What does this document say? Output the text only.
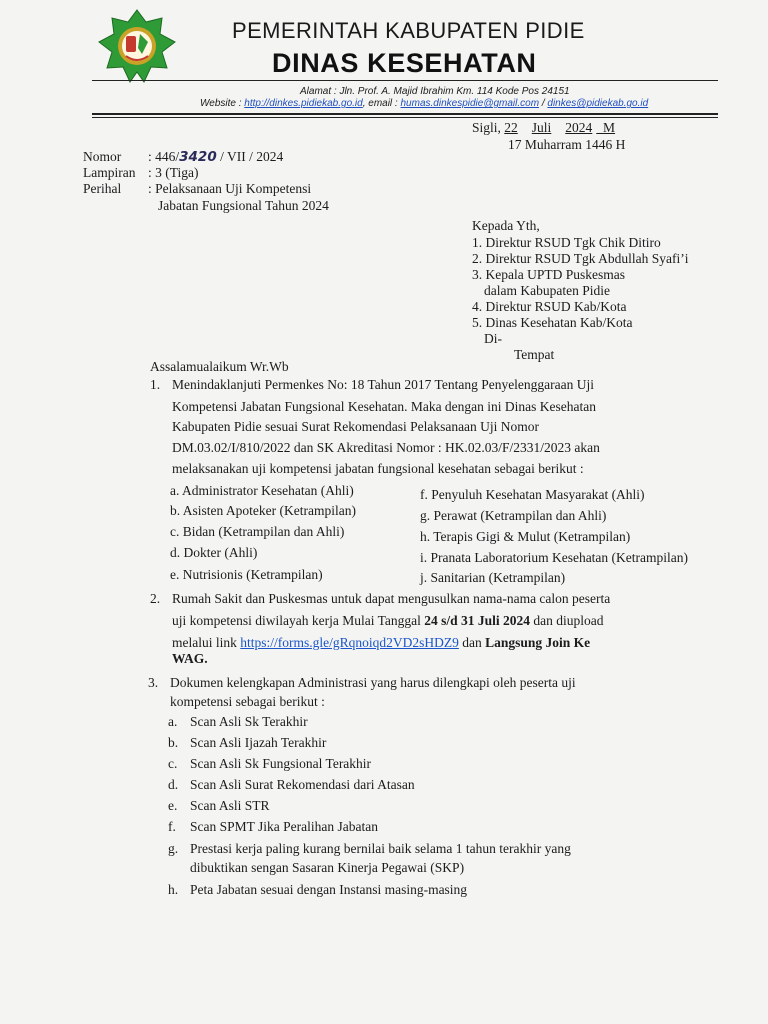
PEMERINTAH KABUPATEN PIDIE
DINAS KESEHATAN
Alamat : Jln. Prof. A. Majid Ibrahim Km. 114 Kode Pos 24151
Website : http://dinkes.pidiekab.go.id, email : humas.dinkespidie@gmail.com / dinkes@pidiekab.go.id
Sigli, 22 Juli 2024 M
17 Muharram 1446 H
Nomor : 446/3420 / VII / 2024
Lampiran : 3 (Tiga)
Perihal : Pelaksanaan Uji Kompetensi
Jabatan Fungsional Tahun 2024
Kepada Yth,
1. Direktur RSUD Tgk Chik Ditiro
2. Direktur RSUD Tgk Abdullah Syafi’i
3. Kepala UPTD Puskesmas
dalam Kabupaten Pidie
4. Direktur RSUD Kab/Kota
5. Dinas Kesehatan Kab/Kota
Di-
Tempat
Assalamualaikum Wr.Wb
1. Menindaklanjuti Permenkes No: 18 Tahun 2017 Tentang Penyelenggaraan Uji
Kompetensi Jabatan Fungsional Kesehatan. Maka dengan ini Dinas Kesehatan
Kabupaten Pidie sesuai Surat Rekomendasi Pelaksanaan Uji Nomor
DM.03.02/I/810/2022 dan SK Akreditasi Nomor : HK.02.03/F/2331/2023 akan
melaksanakan uji kompetensi jabatan fungsional kesehatan sebagai berikut :
a. Administrator Kesehatan (Ahli)
b. Asisten Apoteker (Ketrampilan)
c. Bidan (Ketrampilan dan Ahli)
d. Dokter (Ahli)
e. Nutrisionis (Ketrampilan)
f. Penyuluh Kesehatan Masyarakat (Ahli)
g. Perawat (Ketrampilan dan Ahli)
h. Terapis Gigi & Mulut (Ketrampilan)
i. Pranata Laboratorium Kesehatan (Ketrampilan)
j. Sanitarian (Ketrampilan)
2. Rumah Sakit dan Puskesmas untuk dapat mengusulkan nama-nama calon peserta
uji kompetensi diwilayah kerja Mulai Tanggal 24 s/d 31 Juli 2024 dan diupload
melalui link https://forms.gle/gRqnoiqd2VD2sHDZ9 dan Langsung Join Ke
WAG.
3. Dokumen kelengkapan Administrasi yang harus dilengkapi oleh peserta uji
kompetensi sebagai berikut :
a. Scan Asli Sk Terakhir
b. Scan Asli Ijazah Terakhir
c. Scan Asli Sk Fungsional Terakhir
d. Scan Asli Surat Rekomendasi dari Atasan
e. Scan Asli STR
f. Scan SPMT Jika Peralihan Jabatan
g. Prestasi kerja paling kurang bernilai baik selama 1 tahun terakhir yang
dibuktikan sengan Sasaran Kinerja Pegawai (SKP)
h. Peta Jabatan sesuai dengan Instansi masing-masing
